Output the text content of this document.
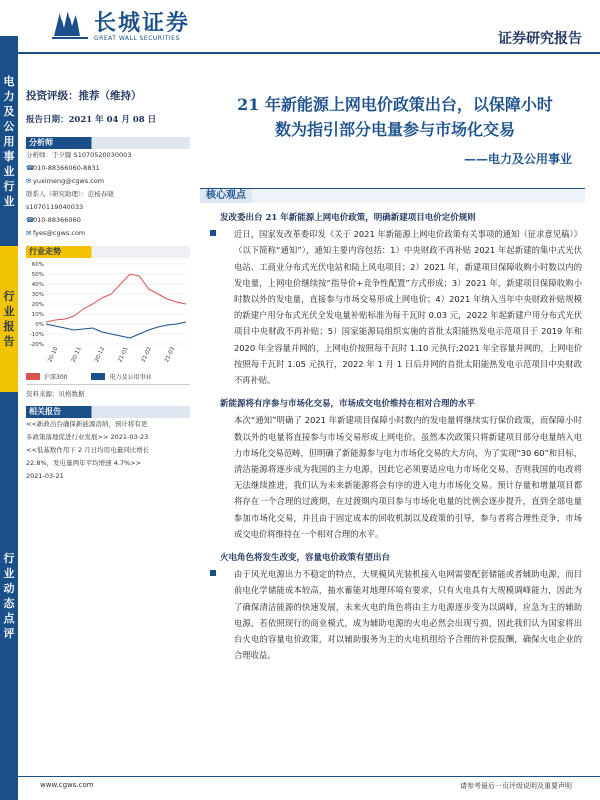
电
力
及
公
用
事
业
行
业
行
业
报
告
行
业
动
态
点
评
长城证券
GREAT WALL SECURITIES	证券研究报告
投资评级：推荐（维持）
报告日期：2021 年 04 月 08 日
分析师

分析师：于夕朦 S1070520030003

☎010-88366060-8831

✉ yuximeng@cgws.com

联系人（研究助理）：范杨春晓

s1070119040033

☎010-88366060

✉ fyes@cgws.com

行业走势
60%
50%
40%
30%
20%
10%
0%
-10%
-20%
20-10 20-11 20-12 21-01 21-02 21-03
沪深300	电力及公用事业
资料来源：贝格数据
相关报告

<<新政出台确保新能源消纳，预计将有更

多政策落地促进行业发展>> 2021-03-23

<<低基数作用下 2 月日均用电量同比增长

22.8%，发电量两年平均增速 4.7%>>

2021-03-21

21 年新能源上网电价政策出台，以保障小时
数为指引部分电量参与市场化交易
——电力及公用事业
核心观点
发改委出台 21 年新能源上网电价政策，明确新建项目电价定价规则
近日，国家发改革委印发《关于 2021 年新能源上网电价政策有关事项的通知（征求意见稿）》（以下简称“通知”），通知主要内容包括：1）中央财政不再补贴 2021 年起新建的集中式光伏电站、工商业分布式光伏电站和陆上风电项目；2）2021 年，新建项目保障收购小时数以内的发电量，上网电价继续按“指导价+竞争性配置”方式形成；3）2021 年，新建项目保障收购小时数以外的发电量，直接参与市场交易形成上网电价；4）2021 年纳入当年中央财政补贴规模的新建户用分布式光伏全发电量补贴标准为每千瓦时 0.03 元，2022 年起新建户用分布式光伏项目中央财政不再补贴；5）国家能源局组织实施的首批太阳能热发电示范项目于 2019 年和 2020 年全容量并网的，上网电价按照每千瓦时 1.10 元执行;2021 年全容量并网的，上网电价按照每千瓦时 1.05 元执行，2022 年 1 月 1 日后并网的首批太阳能热发电示范项目中央财政不再补贴。
新能源将有序参与市场化交易，市场成交电价维持在相对合理的水平
本次“通知”明确了 2021 年新建项目保障小时数内的发电量将继续实行保价政策，而保障小时数以外的电量将直接参与市场交易形成上网电价。虽然本次政策只将新建项目部分电量纳入电力市场化交易范畴，但明确了新能源参与电力市场化交易的大方向，为了实现“30 60”和目标，清洁能源将逐步成为我国的主力电源，因此它必须要适应电力市场化交易，否则我国的电改将无法继续推进，我们认为未来新能源将会有序的进入电力市场化交易。预计存量和增量项目都将存在一个合理的过渡期，在过渡期内项目参与市场化电量的比例会逐步提升，直到全部电量参加市场化交易，并且由于固定成本的回收机制以及政策的引导，参与者将合理性竞争，市场成交电价将维持在一个相对合理的水平。
火电角色将发生改变，容量电价政策有望出台
由于风光电源出力不稳定的特点，大规模风光装机接入电网需要配套储能或者辅助电源，而目前电化学储能成本较高，抽水蓄能对地理环境有要求，只有火电具有大规模调峰能力，因此为了确保清洁能源的快速发展，未来火电的角色将由主力电源逐步变为以调峰，应急为主的辅助电源，若依照现行的商业模式，成为辅助电源的火电必然会出现亏损，因此我们认为国家将出台火电的容量电价政策，对以辅助服务为主的火电机组给予合理的补偿报酬，确保火电企业的合理收益。
www.cgws.com	请参考最后一页评级说明及重要声明
